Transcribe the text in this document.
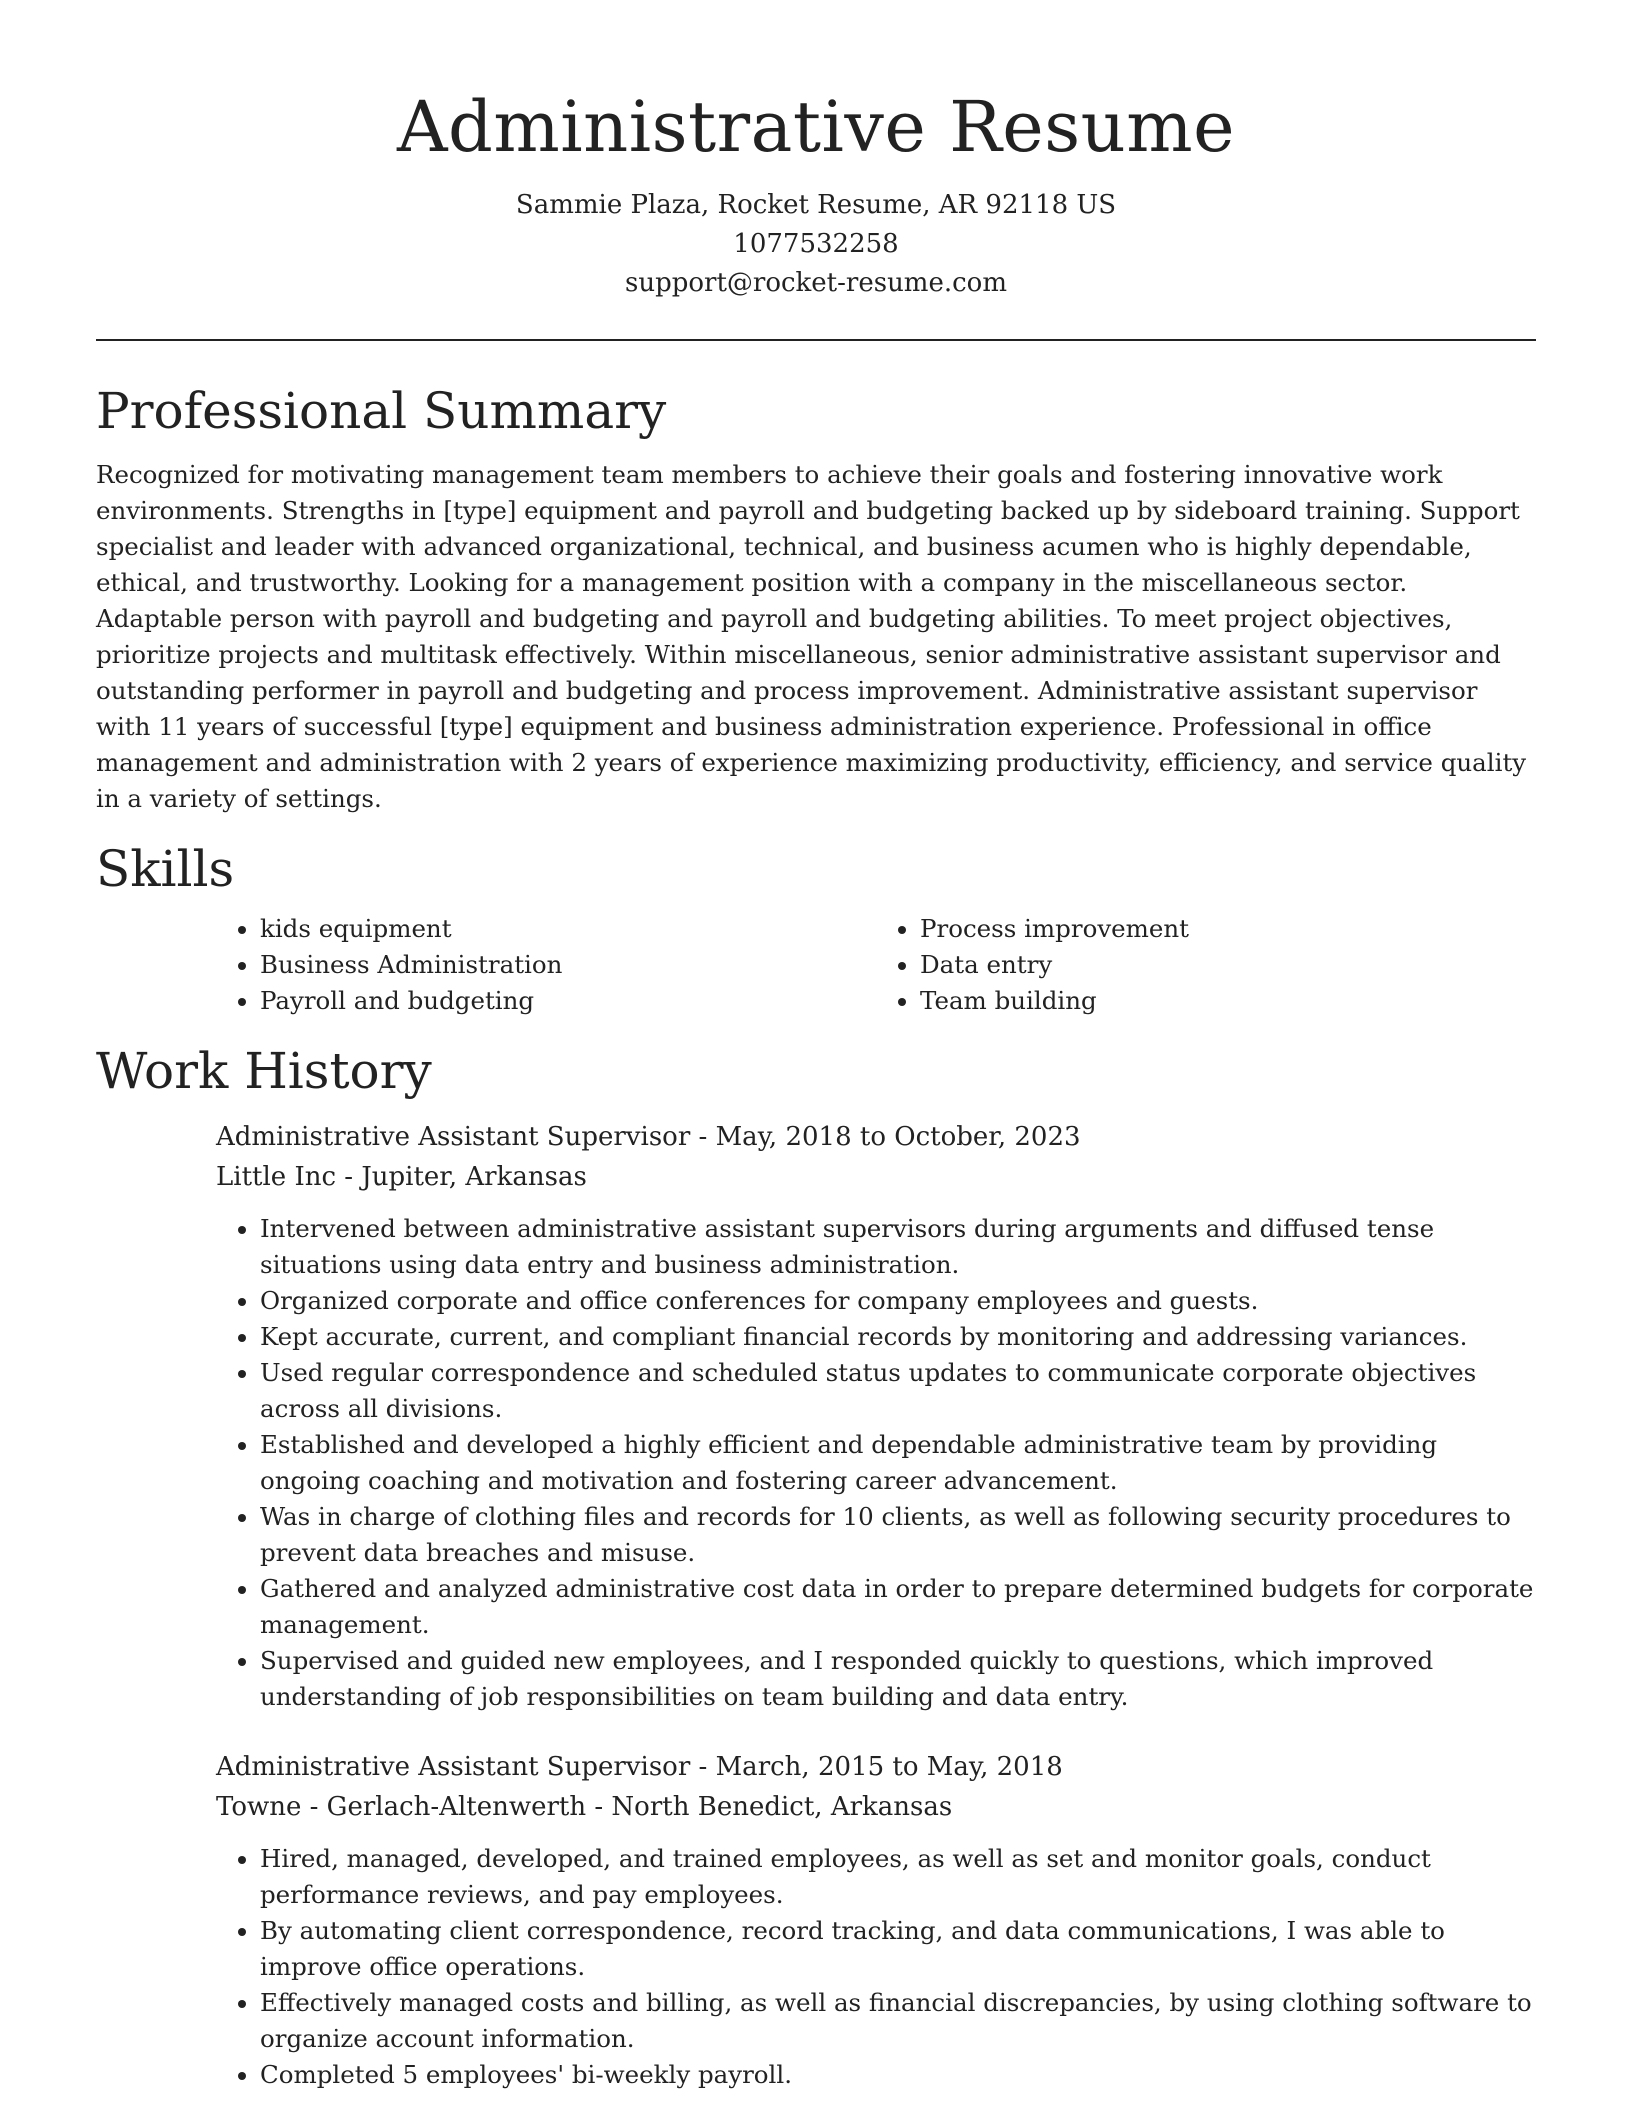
Administrative Resume
Sammie Plaza, Rocket Resume, AR 92118 US
1077532258
support@rocket-resume.com
Professional Summary

Recognized for motivating management team members to achieve their goals and fostering innovative work environments. Strengths in [type] equipment and payroll and budgeting backed up by sideboard training. Support specialist and leader with advanced organizational, technical, and business acumen who is highly dependable, ethical, and trustworthy. Looking for a management position with a company in the miscellaneous sector. Adaptable person with payroll and budgeting and payroll and budgeting abilities. To meet project objectives, prioritize projects and multitask effectively. Within miscellaneous, senior administrative assistant supervisor and outstanding performer in payroll and budgeting and process improvement. Administrative assistant supervisor with 11 years of successful [type] equipment and business administration experience. Professional in office management and administration with 2 years of experience maximizing productivity, efficiency, and service quality in a variety of settings.

Skills
• kids equipment
• Business Administration
• Payroll and budgeting
• Process improvement
• Data entry
• Team building
Work History
Administrative Assistant Supervisor - May, 2018 to October, 2023
Little Inc - Jupiter, Arkansas
• Intervened between administrative assistant supervisors during arguments and diffused tense situations using data entry and business administration.
• Organized corporate and office conferences for company employees and guests.
• Kept accurate, current, and compliant financial records by monitoring and addressing variances.
• Used regular correspondence and scheduled status updates to communicate corporate objectives across all divisions.
• Established and developed a highly efficient and dependable administrative team by providing ongoing coaching and motivation and fostering career advancement.
• Was in charge of clothing files and records for 10 clients, as well as following security procedures to prevent data breaches and misuse.
• Gathered and analyzed administrative cost data in order to prepare determined budgets for corporate management.
• Supervised and guided new employees, and I responded quickly to questions, which improved understanding of job responsibilities on team building and data entry.
Administrative Assistant Supervisor - March, 2015 to May, 2018
Towne - Gerlach-Altenwerth - North Benedict, Arkansas
• Hired, managed, developed, and trained employees, as well as set and monitor goals, conduct performance reviews, and pay employees.
• By automating client correspondence, record tracking, and data communications, I was able to improve office operations.
• Effectively managed costs and billing, as well as financial discrepancies, by using clothing software to organize account information.
• Completed 5 employees' bi-weekly payroll.
